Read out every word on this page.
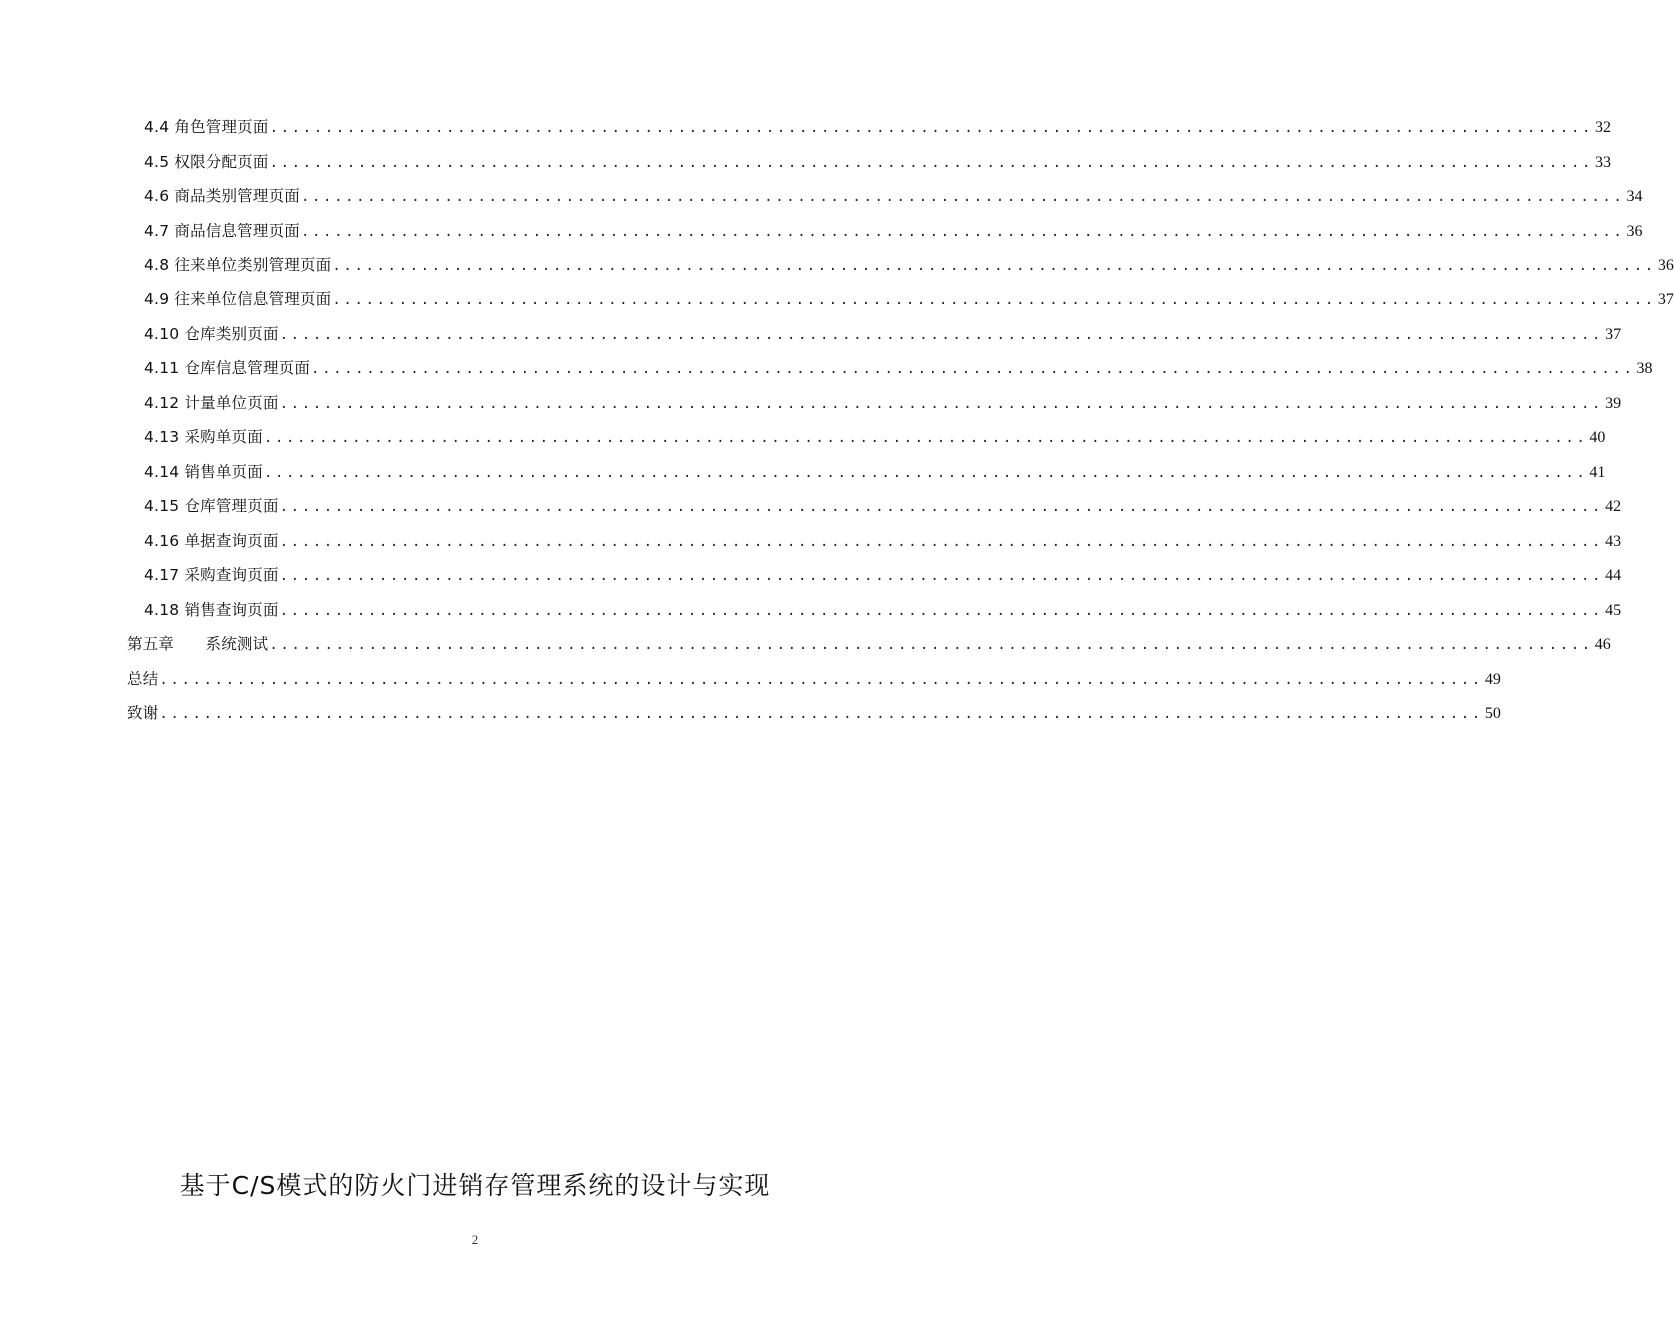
4.4 角色管理页面 ........................................................................................................................ 32
4.5 权限分配页面 ........................................................................................................................ 33
4.6 商品类别管理页面 ........................................................................................................................ 34
4.7 商品信息管理页面 ........................................................................................................................ 36
4.8 往来单位类别管理页面 ........................................................................................................................ 36
4.9 往来单位信息管理页面 ........................................................................................................................ 37
4.10 仓库类别页面 ........................................................................................................................ 37
4.11 仓库信息管理页面 ........................................................................................................................ 38
4.12 计量单位页面 ........................................................................................................................ 39
4.13 采购单页面 ........................................................................................................................ 40
4.14 销售单页面 ........................................................................................................................ 41
4.15 仓库管理页面 ........................................................................................................................ 42
4.16 单据查询页面 ........................................................................................................................ 43
4.17 采购查询页面 ........................................................................................................................ 44
4.18 销售查询页面 ........................................................................................................................ 45
第五章　　系统测试 ........................................................................................................................ 46
总结 ........................................................................................................................ 49
致谢 ........................................................................................................................ 50
基于C/S模式的防火门进销存管理系统的设计与实现
2
